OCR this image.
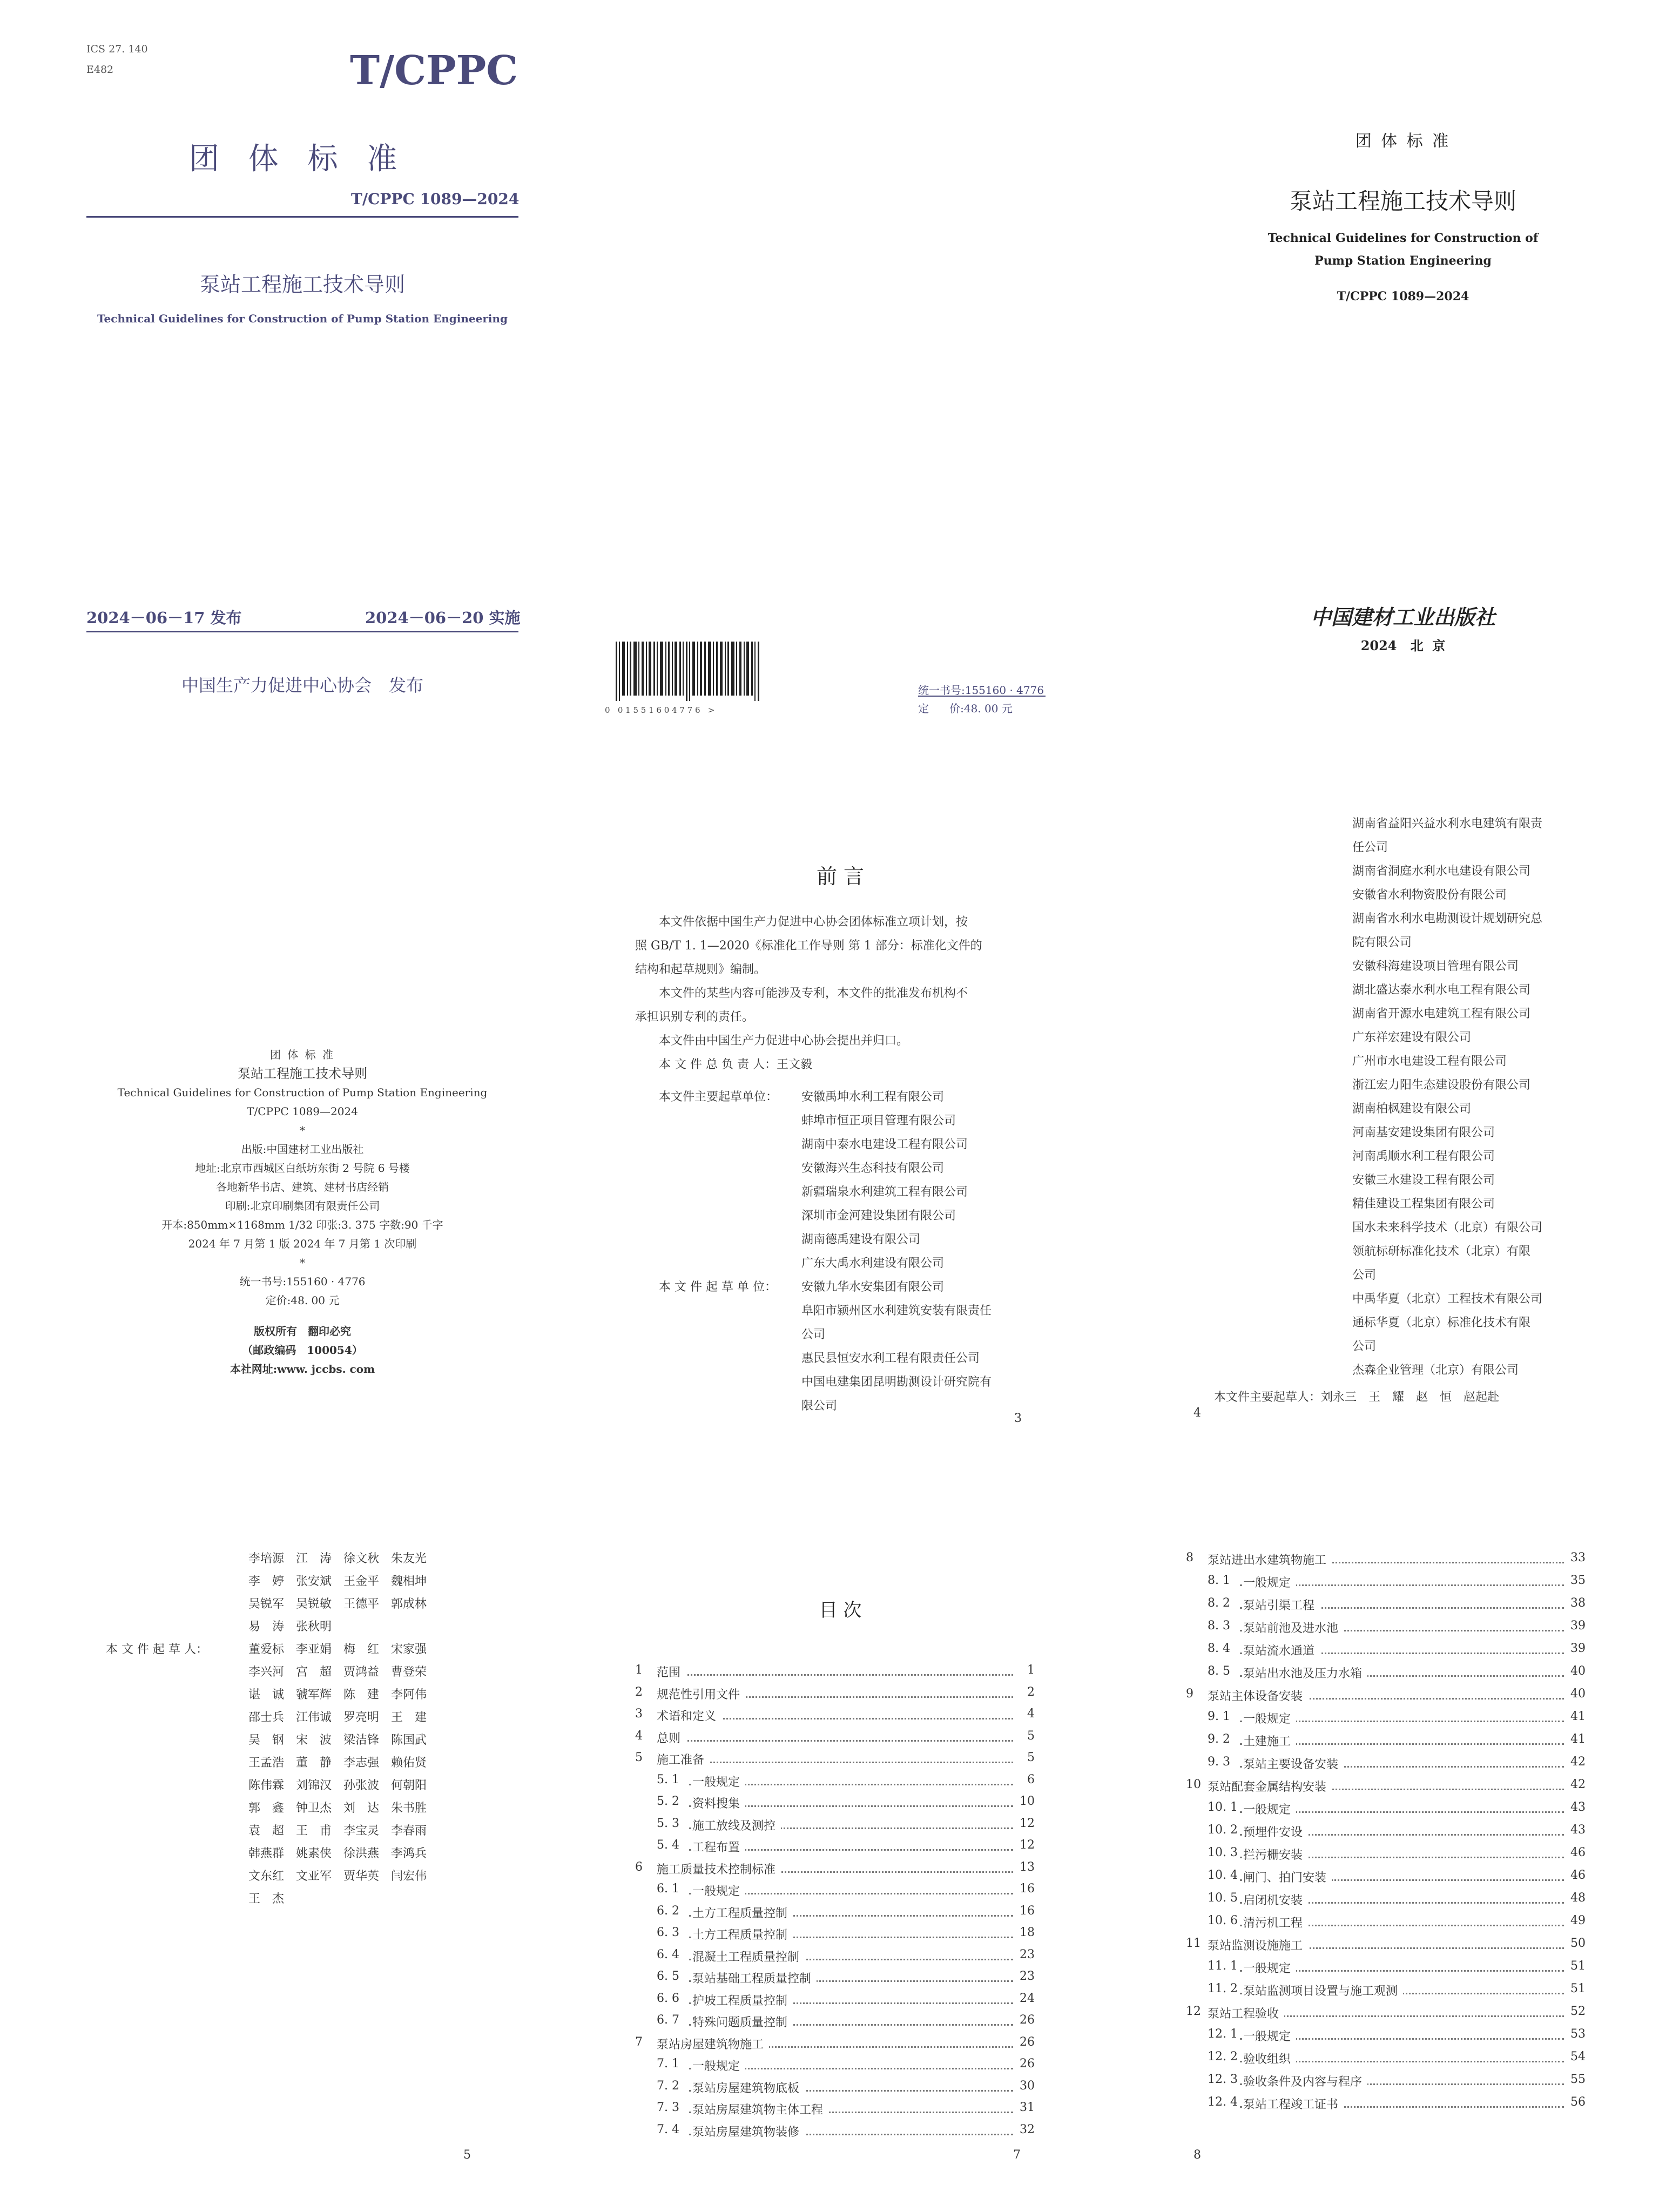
ICS 27. 140
E482	T/CPPC
团 体 标 准
T/CPPC 1089—2024
泵站工程施工技术导则
Technical Guidelines for Construction of Pump Station Engineering
2024－06－17 发布	2024－06－20 实施
中国生产力促进中心协会　发布
0   0 1 5 5 1 6 0 4 7 7 6   >
统一书号:155160 · 4776
定      价:48. 00 元
团 体 标 准
泵站工程施工技术导则
Technical Guidelines for Construction of
Pump Station Engineering
T/CPPC 1089—2024
中国建材工业出版社
2024   北  京
团 体 标 准
泵站工程施工技术导则
Technical Guidelines for Construction of Pump Station Engineering
T/CPPC 1089—2024
*
出版:中国建材工业出版社
地址:北京市西城区白纸坊东街 2 号院 6 号楼
各地新华书店、建筑、建材书店经销
印刷:北京印刷集团有限责任公司
开本:850mm×1168mm 1/32 印张:3. 375 字数:90 千字
2024 年 7 月第 1 版 2024 年 7 月第 1 次印刷
*
统一书号:155160 · 4776
定价:48. 00 元
版权所有　翻印必究
（邮政编码　100054）
本社网址:www. jccbs. com
前 言
本文件依据中国生产力促进中心协会团体标准立项计划，按
照 GB/T 1. 1—2020《标准化工作导则 第 1 部分：标准化文件的
结构和起草规则》编制。
本文件的某些内容可能涉及专利，本文件的批准发布机构不
承担识别专利的责任。
本文件由中国生产力促进中心协会提出并归口。
本 文 件 总 负 责 人：王文毅
本文件主要起草单位： 安徽禹坤水利工程有限公司
蚌埠市恒正项目管理有限公司
湖南中泰水电建设工程有限公司
安徽海兴生态科技有限公司
新疆瑞泉水利建筑工程有限公司
深圳市金河建设集团有限公司
湖南德禹建设有限公司
广东大禹水利建设有限公司
本 文 件 起 草 单 位： 安徽九华水安集团有限公司
阜阳市颍州区水利建筑安装有限责任
公司
惠民县恒安水利工程有限责任公司
中国电建集团昆明勘测设计研究院有
限公司
3
湖南省益阳兴益水利水电建筑有限责
任公司
湖南省洞庭水利水电建设有限公司
安徽省水利物资股份有限公司
湖南省水利水电勘测设计规划研究总
院有限公司
安徽科海建设项目管理有限公司
湖北盛达泰水利水电工程有限公司
湖南省开源水电建筑工程有限公司
广东祥宏建设有限公司
广州市水电建设工程有限公司
浙江宏力阳生态建设股份有限公司
湖南柏枫建设有限公司
河南基安建设集团有限公司
河南禹顺水利工程有限公司
安徽三水建设工程有限公司
精佳建设工程集团有限公司
国水未来科学技术（北京）有限公司
领航标研标准化技术（北京）有限
公司
中禹华夏（北京）工程技术有限公司
通标华夏（北京）标准化技术有限
公司
杰森企业管理（北京）有限公司
本文件主要起草人：刘永三　王　耀　赵　恒　赵起赴
4
李培源　江　涛　徐文秋　朱友光
李　婷　张安斌　王金平　魏相坤
吴锐军　吴锐敏　王德平　郭成林
易　涛　张秋明
本 文 件 起 草 人：	董爱标　李亚娟　梅　红　宋家强
李兴河　宫　超　贾鸿益　曹登荣
谌　诚　虢军辉　陈　建　李阿伟
邵士兵　江伟诚　罗亮明　王　建
吴　钢　宋　波　梁洁锋　陈国武
王孟浩　董　静　李志强　赖佑贤
陈伟霖　刘锦汉　孙张波　何朝阳
郭　鑫　钟卫杰　刘　达　朱书胜
袁　超　王　甫　李宝灵　李春雨
韩燕群　姚素侠　徐洪燕　李鸿兵
文东红　文亚军　贾华英　闫宏伟
王　杰
5
目 次
1 范围	1
2 规范性引用文件	2
3 术语和定义	4
4 总则	5
5 施工准备	5
5. 1 一般规定	6
5. 2 资料搜集	10
5. 3 施工放线及测控	12
5. 4 工程布置	12
6 施工质量技术控制标准	13
6. 1 一般规定	16
6. 2 土方工程质量控制	16
6. 3 土方工程质量控制	18
6. 4 混凝土工程质量控制	23
6. 5 泵站基础工程质量控制	23
6. 6 护坡工程质量控制	24
6. 7 特殊问题质量控制	26
7 泵站房屋建筑物施工	26
7. 1 一般规定	26
7. 2 泵站房屋建筑物底板	30
7. 3 泵站房屋建筑物主体工程	31
7. 4 泵站房屋建筑物装修	32
7
8 泵站进出水建筑物施工	33
8. 1 一般规定	35
8. 2 泵站引渠工程	38
8. 3 泵站前池及进水池	39
8. 4 泵站流水通道	39
8. 5 泵站出水池及压力水箱	40
9 泵站主体设备安装	40
9. 1 一般规定	41
9. 2 土建施工	41
9. 3 泵站主要设备安装	42
10 泵站配套金属结构安装	42
10. 1 一般规定	43
10. 2 预埋件安设	43
10. 3 拦污栅安装	46
10. 4 闸门、拍门安装	46
10. 5 启闭机安装	48
10. 6 清污机工程	49
11 泵站监测设施施工	50
11. 1 一般规定	51
11. 2 泵站监测项目设置与施工观测	51
12 泵站工程验收	52
12. 1 一般规定	53
12. 2 验收组织	54
12. 3 验收条件及内容与程序	55
12. 4 泵站工程竣工证书	56
8
